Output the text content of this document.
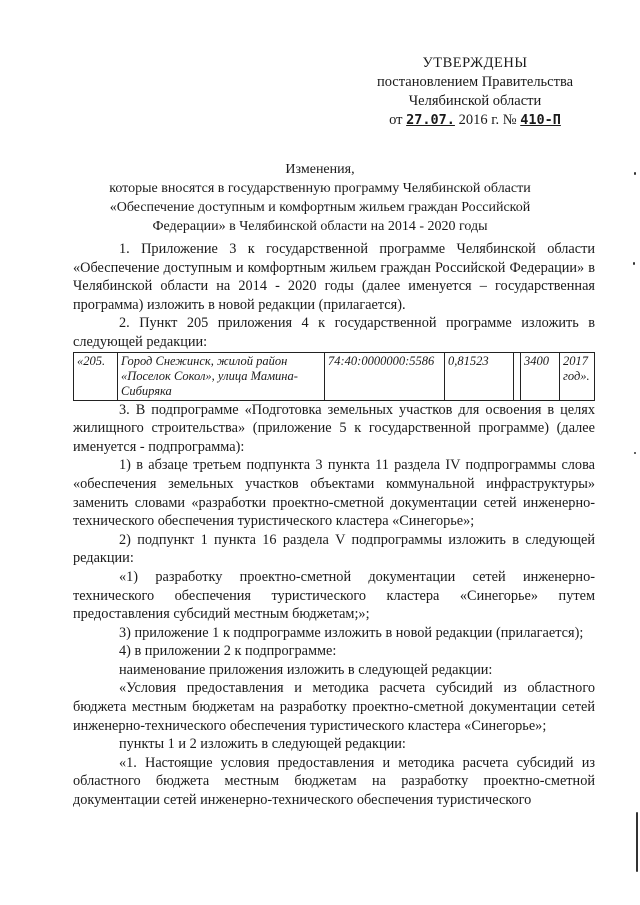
УТВЕРЖДЕНЫ
постановлением Правительства
Челябинской области
от 27.07. 2016 г. № 410-П
Изменения,
которые вносятся в государственную программу Челябинской области
«Обеспечение доступным и комфортным жильем граждан Российской
Федерации» в Челябинской области на 2014 - 2020 годы

1. Приложение 3 к государственной программе Челябинской области «Обеспечение доступным и комфортным жильем граждан Российской Федерации» в Челябинской области на 2014 - 2020 годы (далее именуется – государственная программа) изложить в новой редакции (прилагается).

2. Пункт 205 приложения 4 к государственной программе изложить в следующей редакции:

«205.	Город Снежинск, жилой район «Поселок Сокол», улица Мамина-Сибиряка	74:40:0000000:5586	0,81523		3400	2017 год».

3. В подпрограмме «Подготовка земельных участков для освоения в целях жилищного строительства» (приложение 5 к государственной программе) (далее именуется - подпрограмма):

1) в абзаце третьем подпункта 3 пункта 11 раздела IV подпрограммы слова «обеспечения земельных участков объектами коммунальной инфраструктуры» заменить словами «разработки проектно-сметной документации сетей инженерно-технического обеспечения туристического кластера «Синегорье»;

2) подпункт 1 пункта 16 раздела V подпрограммы изложить в следующей редакции:

«1) разработку проектно-сметной документации сетей инженерно-технического обеспечения туристического кластера «Синегорье» путем предоставления субсидий местным бюджетам;»;

3) приложение 1 к подпрограмме изложить в новой редакции (прилагается);

4) в приложении 2 к подпрограмме:

наименование приложения изложить в следующей редакции:

«Условия предоставления и методика расчета субсидий из областного бюджета местным бюджетам на разработку проектно-сметной документации сетей инженерно-технического обеспечения туристического кластера «Синегорье»;

пункты 1 и 2 изложить в следующей редакции:

«1. Настоящие условия предоставления и методика расчета субсидий из областного бюджета местным бюджетам на разработку проектно-сметной документации сетей инженерно-технического обеспечения туристического
